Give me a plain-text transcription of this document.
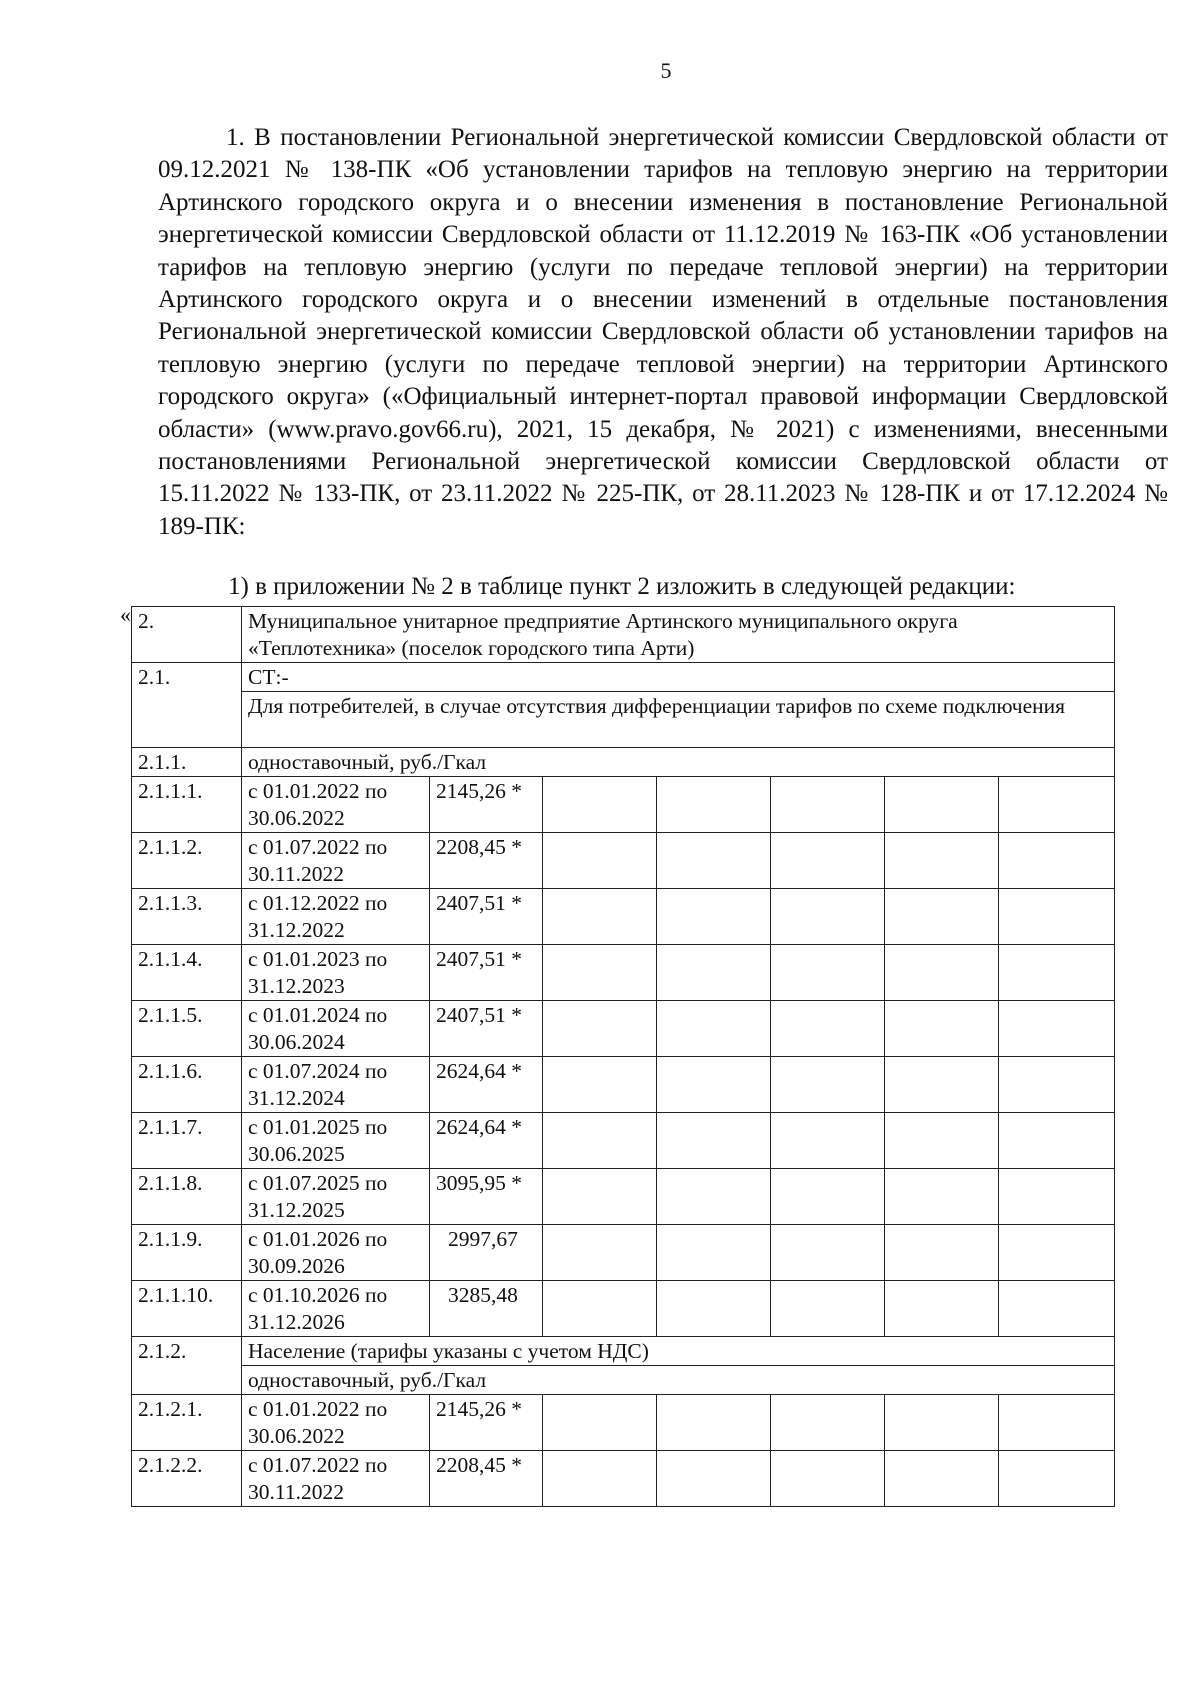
5

1. В постановлении Региональной энергетической комиссии Свердловской области от 09.12.2021 № 138-ПК «Об установлении тарифов на тепловую энергию на территории Артинского городского округа и о внесении изменения в постановление Региональной энергетической комиссии Свердловской области от 11.12.2019 № 163-ПК «Об установлении тарифов на тепловую энергию (услуги по передаче тепловой энергии) на территории Артинского городского округа и о внесении изменений в отдельные постановления Региональной энергетической комиссии Свердловской области об установлении тарифов на тепловую энергию (услуги по передаче тепловой энергии) на территории Артинского городского округа» («Официальный интернет-портал правовой информации Свердловской области» (www.pravo.gov66.ru), 2021, 15 декабря, № 2021) с изменениями, внесенными постановлениями Региональной энергетической комиссии Свердловской области от 15.11.2022 № 133-ПК, от 23.11.2022 № 225-ПК, от 28.11.2023 № 128-ПК и от 17.12.2024 № 189-ПК:

1) в приложении № 2 в таблице пункт 2 изложить в следующей редакции:
« 2.	Муниципальное унитарное предприятие Артинского муниципального округа «Теплотехника» (поселок городского типа Арти)						
2.1.	СТ:-						
	Для потребителей, в случае отсутствия дифференциации тарифов по схеме подключения						
2.1.1.	одноставочный, руб./Гкал						
2.1.1.1.	с 01.01.2022 по 30.06.2022	2145,26 *					
2.1.1.2.	с 01.07.2022 по 30.11.2022	2208,45 *					
2.1.1.3.	с 01.12.2022 по 31.12.2022	2407,51 *					
2.1.1.4.	с 01.01.2023 по 31.12.2023	2407,51 *					
2.1.1.5.	с 01.01.2024 по 30.06.2024	2407,51 *					
2.1.1.6.	с 01.07.2024 по 31.12.2024	2624,64 *					
2.1.1.7.	с 01.01.2025 по 30.06.2025	2624,64 *					
2.1.1.8.	с 01.07.2025 по 31.12.2025	3095,95 *					
2.1.1.9.	с 01.01.2026 по 30.09.2026	2997,67					
2.1.1.10.	с 01.10.2026 по 31.12.2026	3285,48					
2.1.2.	Население (тарифы указаны с учетом НДС)						
	одноставочный, руб./Гкал						
2.1.2.1.	с 01.01.2022 по 30.06.2022	2145,26 *					
2.1.2.2.	с 01.07.2022 по 30.11.2022	2208,45 *					
